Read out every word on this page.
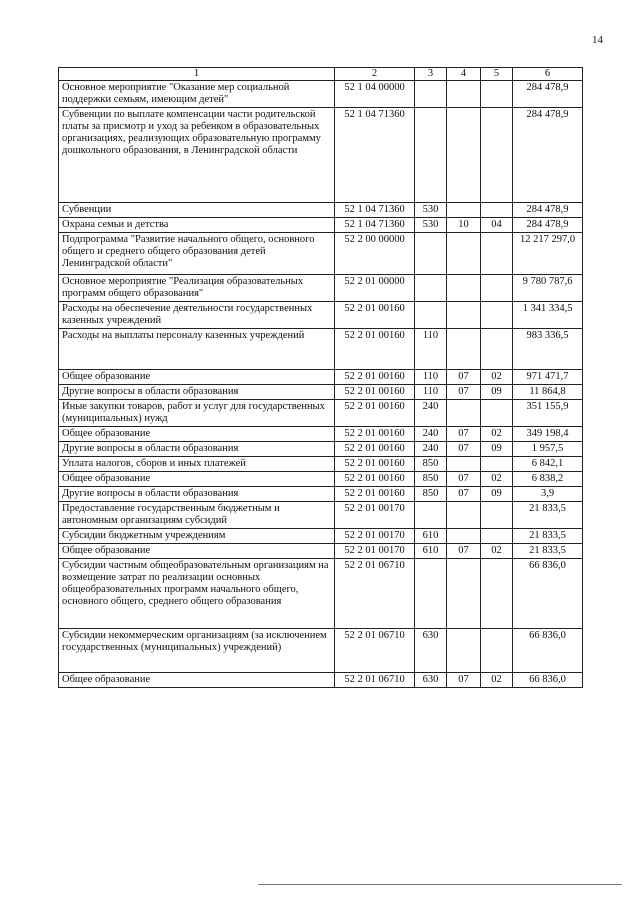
14
1	2	3	4	5	6
Основное мероприятие "Оказание мер социальной поддержки семьям, имеющим детей"	52 1 04 00000				284 478,9
Субвенции по выплате компенсации части родительской платы за присмотр и уход за ребенком в образовательных организациях, реализующих образовательную программу дошкольного образования, в Ленинградской области	52 1 04 71360				284 478,9
Субвенции	52 1 04 71360	530			284 478,9
Охрана семьи и детства	52 1 04 71360	530	10	04	284 478,9
Подпрограмма "Развитие начального общего, основного общего и среднего общего образования детей Ленинградской области"	52 2 00 00000				12 217 297,0
Основное мероприятие "Реализация образовательных программ общего образования"	52 2 01 00000				9 780 787,6
Расходы на обеспечение деятельности государственных казенных учреждений	52 2 01 00160				1 341 334,5
Расходы на выплаты персоналу казенных учреждений	52 2 01 00160	110			983 336,5
Общее образование	52 2 01 00160	110	07	02	971 471,7
Другие вопросы в области образования	52 2 01 00160	110	07	09	11 864,8
Иные закупки товаров, работ и услуг для государственных (муниципальных) нужд	52 2 01 00160	240			351 155,9
Общее образование	52 2 01 00160	240	07	02	349 198,4
Другие вопросы в области образования	52 2 01 00160	240	07	09	1 957,5
Уплата налогов, сборов и иных платежей	52 2 01 00160	850			6 842,1
Общее образование	52 2 01 00160	850	07	02	6 838,2
Другие вопросы в области образования	52 2 01 00160	850	07	09	3,9
Предоставление государственным бюджетным и автономным организациям субсидий	52 2 01 00170				21 833,5
Субсидии бюджетным учреждениям	52 2 01 00170	610			21 833,5
Общее образование	52 2 01 00170	610	07	02	21 833,5
Субсидии частным общеобразовательным организациям на возмещение затрат по реализации основных общеобразовательных программ начального общего, основного общего, среднего общего образования	52 2 01 06710				66 836,0
Субсидии некоммерческим организациям (за исключением государственных (муниципальных) учреждений)	52 2 01 06710	630			66 836,0
Общее образование	52 2 01 06710	630	07	02	66 836,0
